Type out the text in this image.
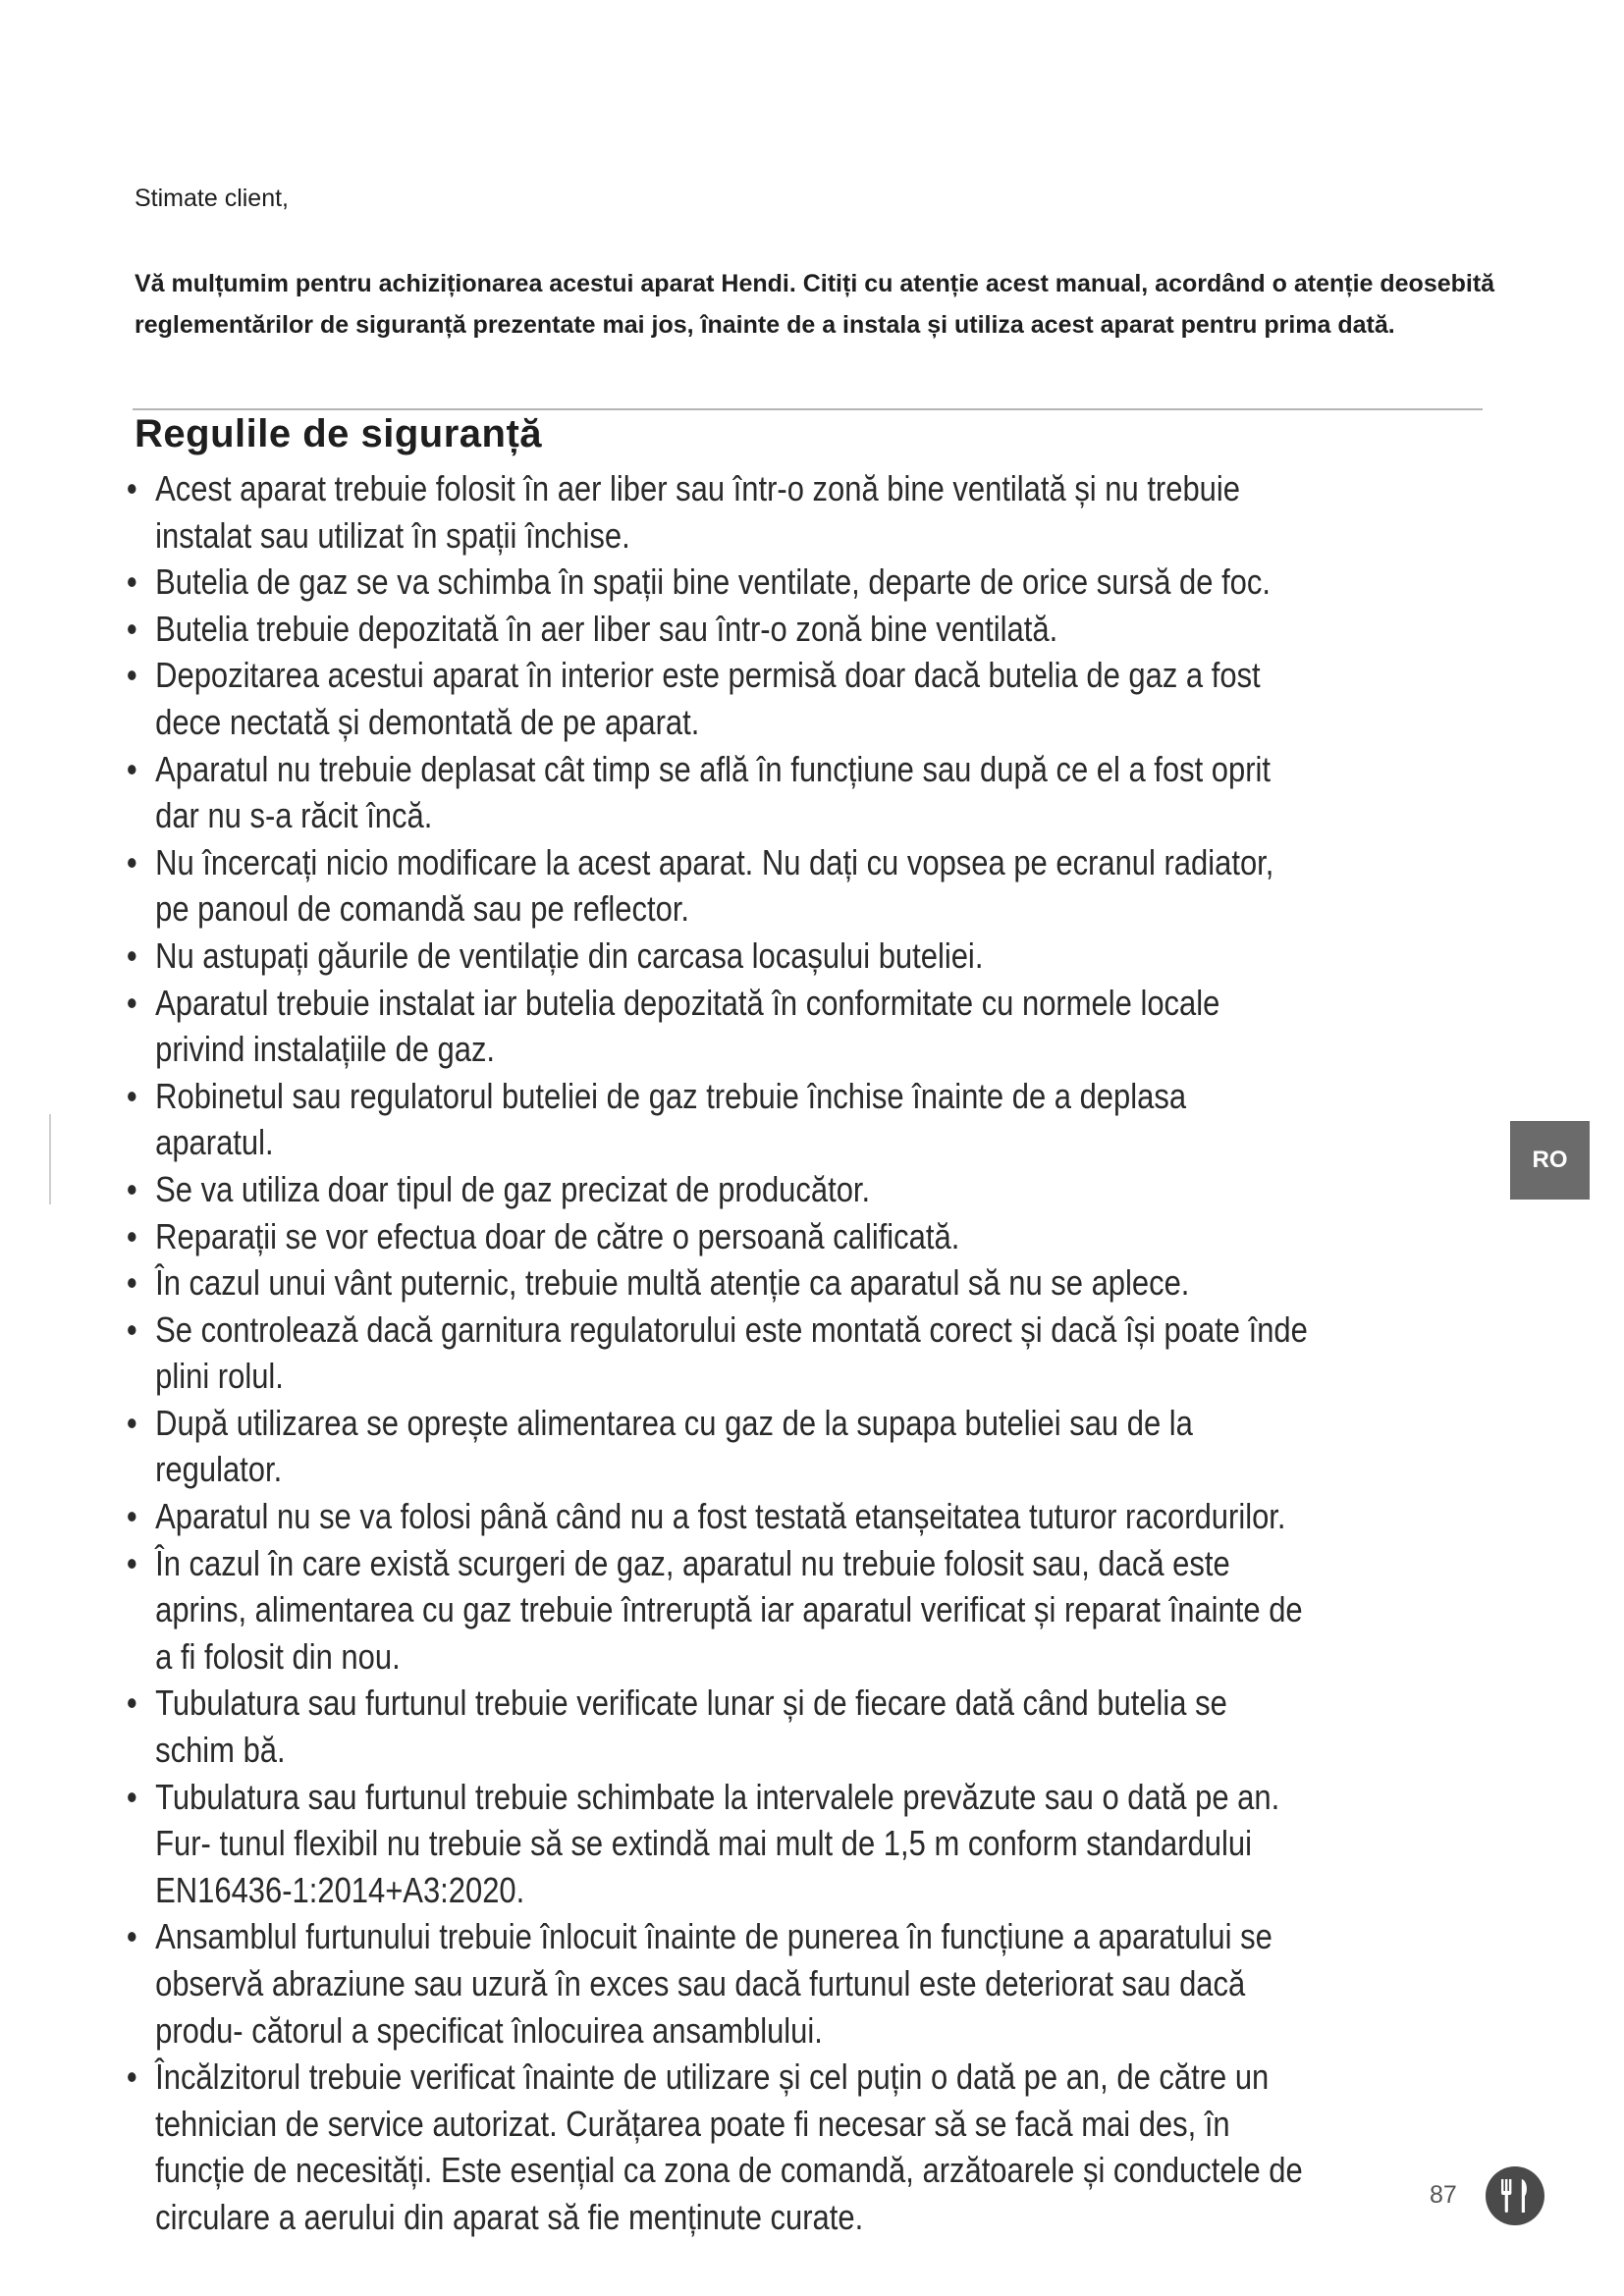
Stimate client,

Vă mulțumim pentru achiziționarea acestui aparat Hendi. Citiți cu atenție acest manual, acordând o atenție deosebită reglementărilor de siguranță prezentate mai jos, înainte de a instala și utiliza acest aparat pentru prima dată.

Regulile de siguranță
• Acest aparat trebuie folosit în aer liber sau într-o zonă bine ventilată și nu trebuie instalat sau utilizat în spații închise.
• Butelia de gaz se va schimba în spații bine ventilate, departe de orice sursă de foc.
• Butelia trebuie depozitată în aer liber sau într-o zonă bine ventilată.
• Depozitarea acestui aparat în interior este permisă doar dacă butelia de gaz a fost dece nectată și demontată de pe aparat.
• Aparatul nu trebuie deplasat cât timp se află în funcțiune sau după ce el a fost oprit dar nu s-a răcit încă.
• Nu încercați nicio modificare la acest aparat. Nu dați cu vopsea pe ecranul radiator, pe panoul de comandă sau pe reflector.
• Nu astupați găurile de ventilație din carcasa locașului buteliei.
• Aparatul trebuie instalat iar butelia depozitată în conformitate cu normele locale privind instalațiile de gaz.
• Robinetul sau regulatorul buteliei de gaz trebuie închise înainte de a deplasa aparatul.
• Se va utiliza doar tipul de gaz precizat de producător.
• Reparații se vor efectua doar de către o persoană calificată.
• În cazul unui vânt puternic, trebuie multă atenție ca aparatul să nu se aplece.
• Se controlează dacă garnitura regulatorului este montată corect și dacă își poate înde plini rolul.
• După utilizarea se oprește alimentarea cu gaz de la supapa buteliei sau de la regulator.
• Aparatul nu se va folosi până când nu a fost testată etanșeitatea tuturor racordurilor.
• În cazul în care există scurgeri de gaz, aparatul nu trebuie folosit sau, dacă este aprins, alimentarea cu gaz trebuie întreruptă iar aparatul verificat și reparat înainte de a fi folosit din nou.
• Tubulatura sau furtunul trebuie verificate lunar și de fiecare dată când butelia se schim bă.
• Tubulatura sau furtunul trebuie schimbate la intervalele prevăzute sau o dată pe an. Fur- tunul flexibil nu trebuie să se extindă mai mult de 1,5 m conform standardului EN16436-1:2014+A3:2020.
• Ansamblul furtunului trebuie înlocuit înainte de punerea în funcțiune a aparatului se observă abraziune sau uzură în exces sau dacă furtunul este deteriorat sau dacă produ- cătorul a specificat înlocuirea ansamblului.
• Încălzitorul trebuie verificat înainte de utilizare și cel puțin o dată pe an, de către un tehnician de service autorizat. Curățarea poate fi necesar să se facă mai des, în funcție de necesități. Este esențial ca zona de comandă, arzătoarele și conductele de circulare a aerului din aparat să fie menținute curate.
RO
87
